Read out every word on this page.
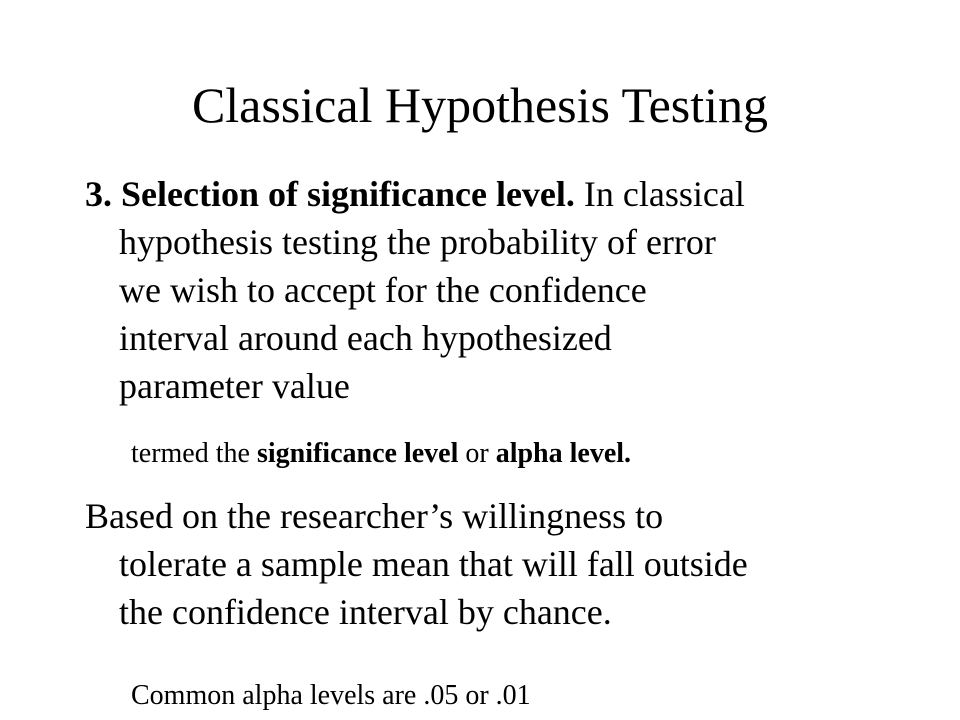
Classical Hypothesis Testing
3. Selection of significance level. In classical
hypothesis testing the probability of error
we wish to accept for the confidence
interval around each hypothesized
parameter value
termed the significance level or alpha level.
Based on the researcher’s willingness to
tolerate a sample mean that will fall outside
the confidence interval by chance.
Common alpha levels are .05 or .01
